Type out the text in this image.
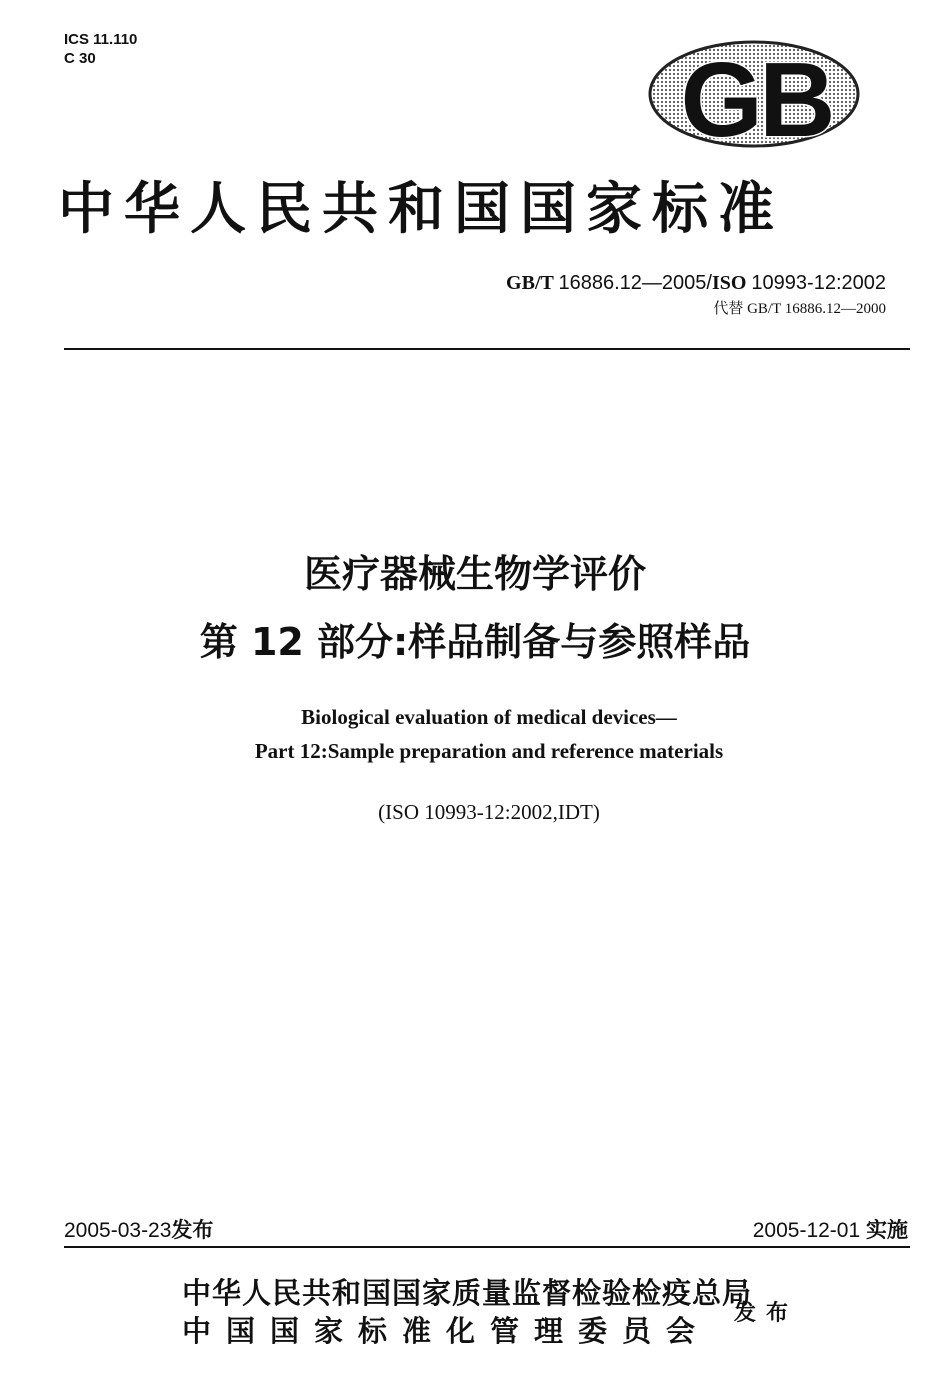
ICS 11.110
C 30	GB
中华人民共和国国家标准
GB/T 16886.12—2005/ISO 10993-12:2002
代替 GB/T 16886.12—2000
医疗器械生物学评价
第 12 部分:样品制备与参照样品
Biological evaluation of medical devices—
Part 12:Sample preparation and reference materials
(ISO 10993-12:2002,IDT)
2005-03-23发布	2005-12-01 实施
中华人民共和国国家质量监督检验检疫总局
中国国家标准化管理委员会
发布
